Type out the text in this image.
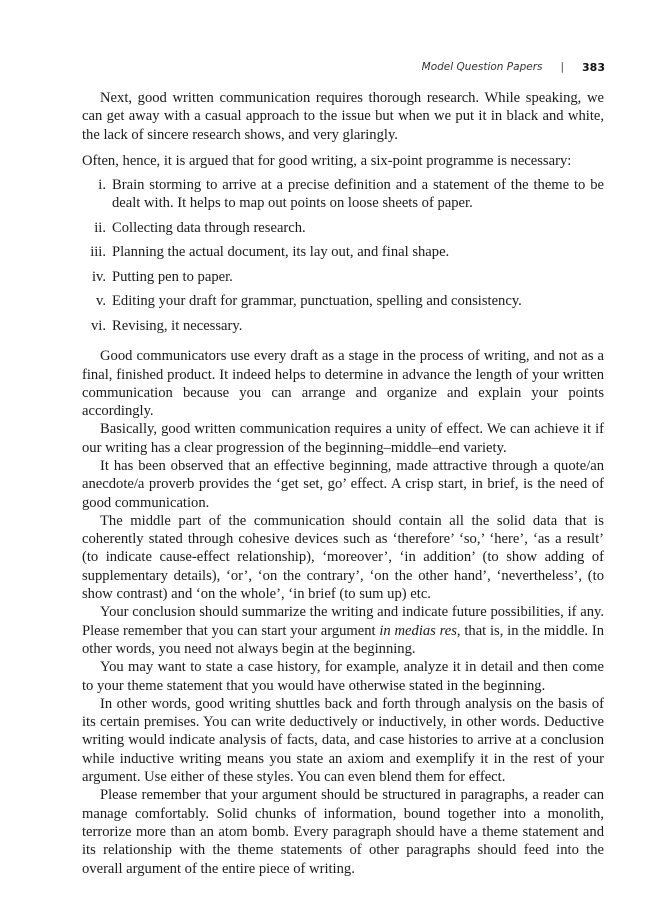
Model Question Papers | 383

Next, good written communication requires thorough research. While speaking, we can get away with a casual approach to the issue but when we put it in black and white, the lack of sincere research shows, and very glaringly.

Often, hence, it is argued that for good writing, a six-point programme is necessary:

i. Brain storming to arrive at a precise definition and a statement of the theme to be dealt with. It helps to map out points on loose sheets of paper.
ii. Collecting data through research.
iii. Planning the actual document, its lay out, and final shape.
iv. Putting pen to paper.
v. Editing your draft for grammar, punctuation, spelling and consistency.
vi. Revising, it necessary.

Good communicators use every draft as a stage in the process of writing, and not as a final, finished product. It indeed helps to determine in advance the length of your written communication because you can arrange and organize and explain your points accordingly.

Basically, good written communication requires a unity of effect. We can achieve it if our writing has a clear progression of the beginning–middle–end variety.

It has been observed that an effective beginning, made attractive through a quote/an anecdote/a proverb provides the ‘get set, go’ effect. A crisp start, in brief, is the need of good communication.

The middle part of the communication should contain all the solid data that is coherently stated through cohesive devices such as ‘therefore’ ‘so,’ ‘here’, ‘as a result’ (to indicate cause-effect relationship), ‘moreover’, ‘in addition’ (to show adding of supplementary details), ‘or’, ‘on the contrary’, ‘on the other hand’, ‘nevertheless’, (to show contrast) and ‘on the whole’, ‘in brief (to sum up) etc.

Your conclusion should summarize the writing and indicate future possibilities, if any. Please remember that you can start your argument in medias res, that is, in the middle. In other words, you need not always begin at the beginning.

You may want to state a case history, for example, analyze it in detail and then come to your theme statement that you would have otherwise stated in the beginning.

In other words, good writing shuttles back and forth through analysis on the basis of its certain premises. You can write deductively or inductively, in other words. Deductive writing would indicate analysis of facts, data, and case histories to arrive at a conclusion while inductive writing means you state an axiom and exemplify it in the rest of your argument. Use either of these styles. You can even blend them for effect.

Please remember that your argument should be structured in paragraphs, a reader can manage comfortably. Solid chunks of information, bound together into a monolith, terrorize more than an atom bomb. Every paragraph should have a theme statement and its relationship with the theme statements of other paragraphs should feed into the overall argument of the entire piece of writing.
